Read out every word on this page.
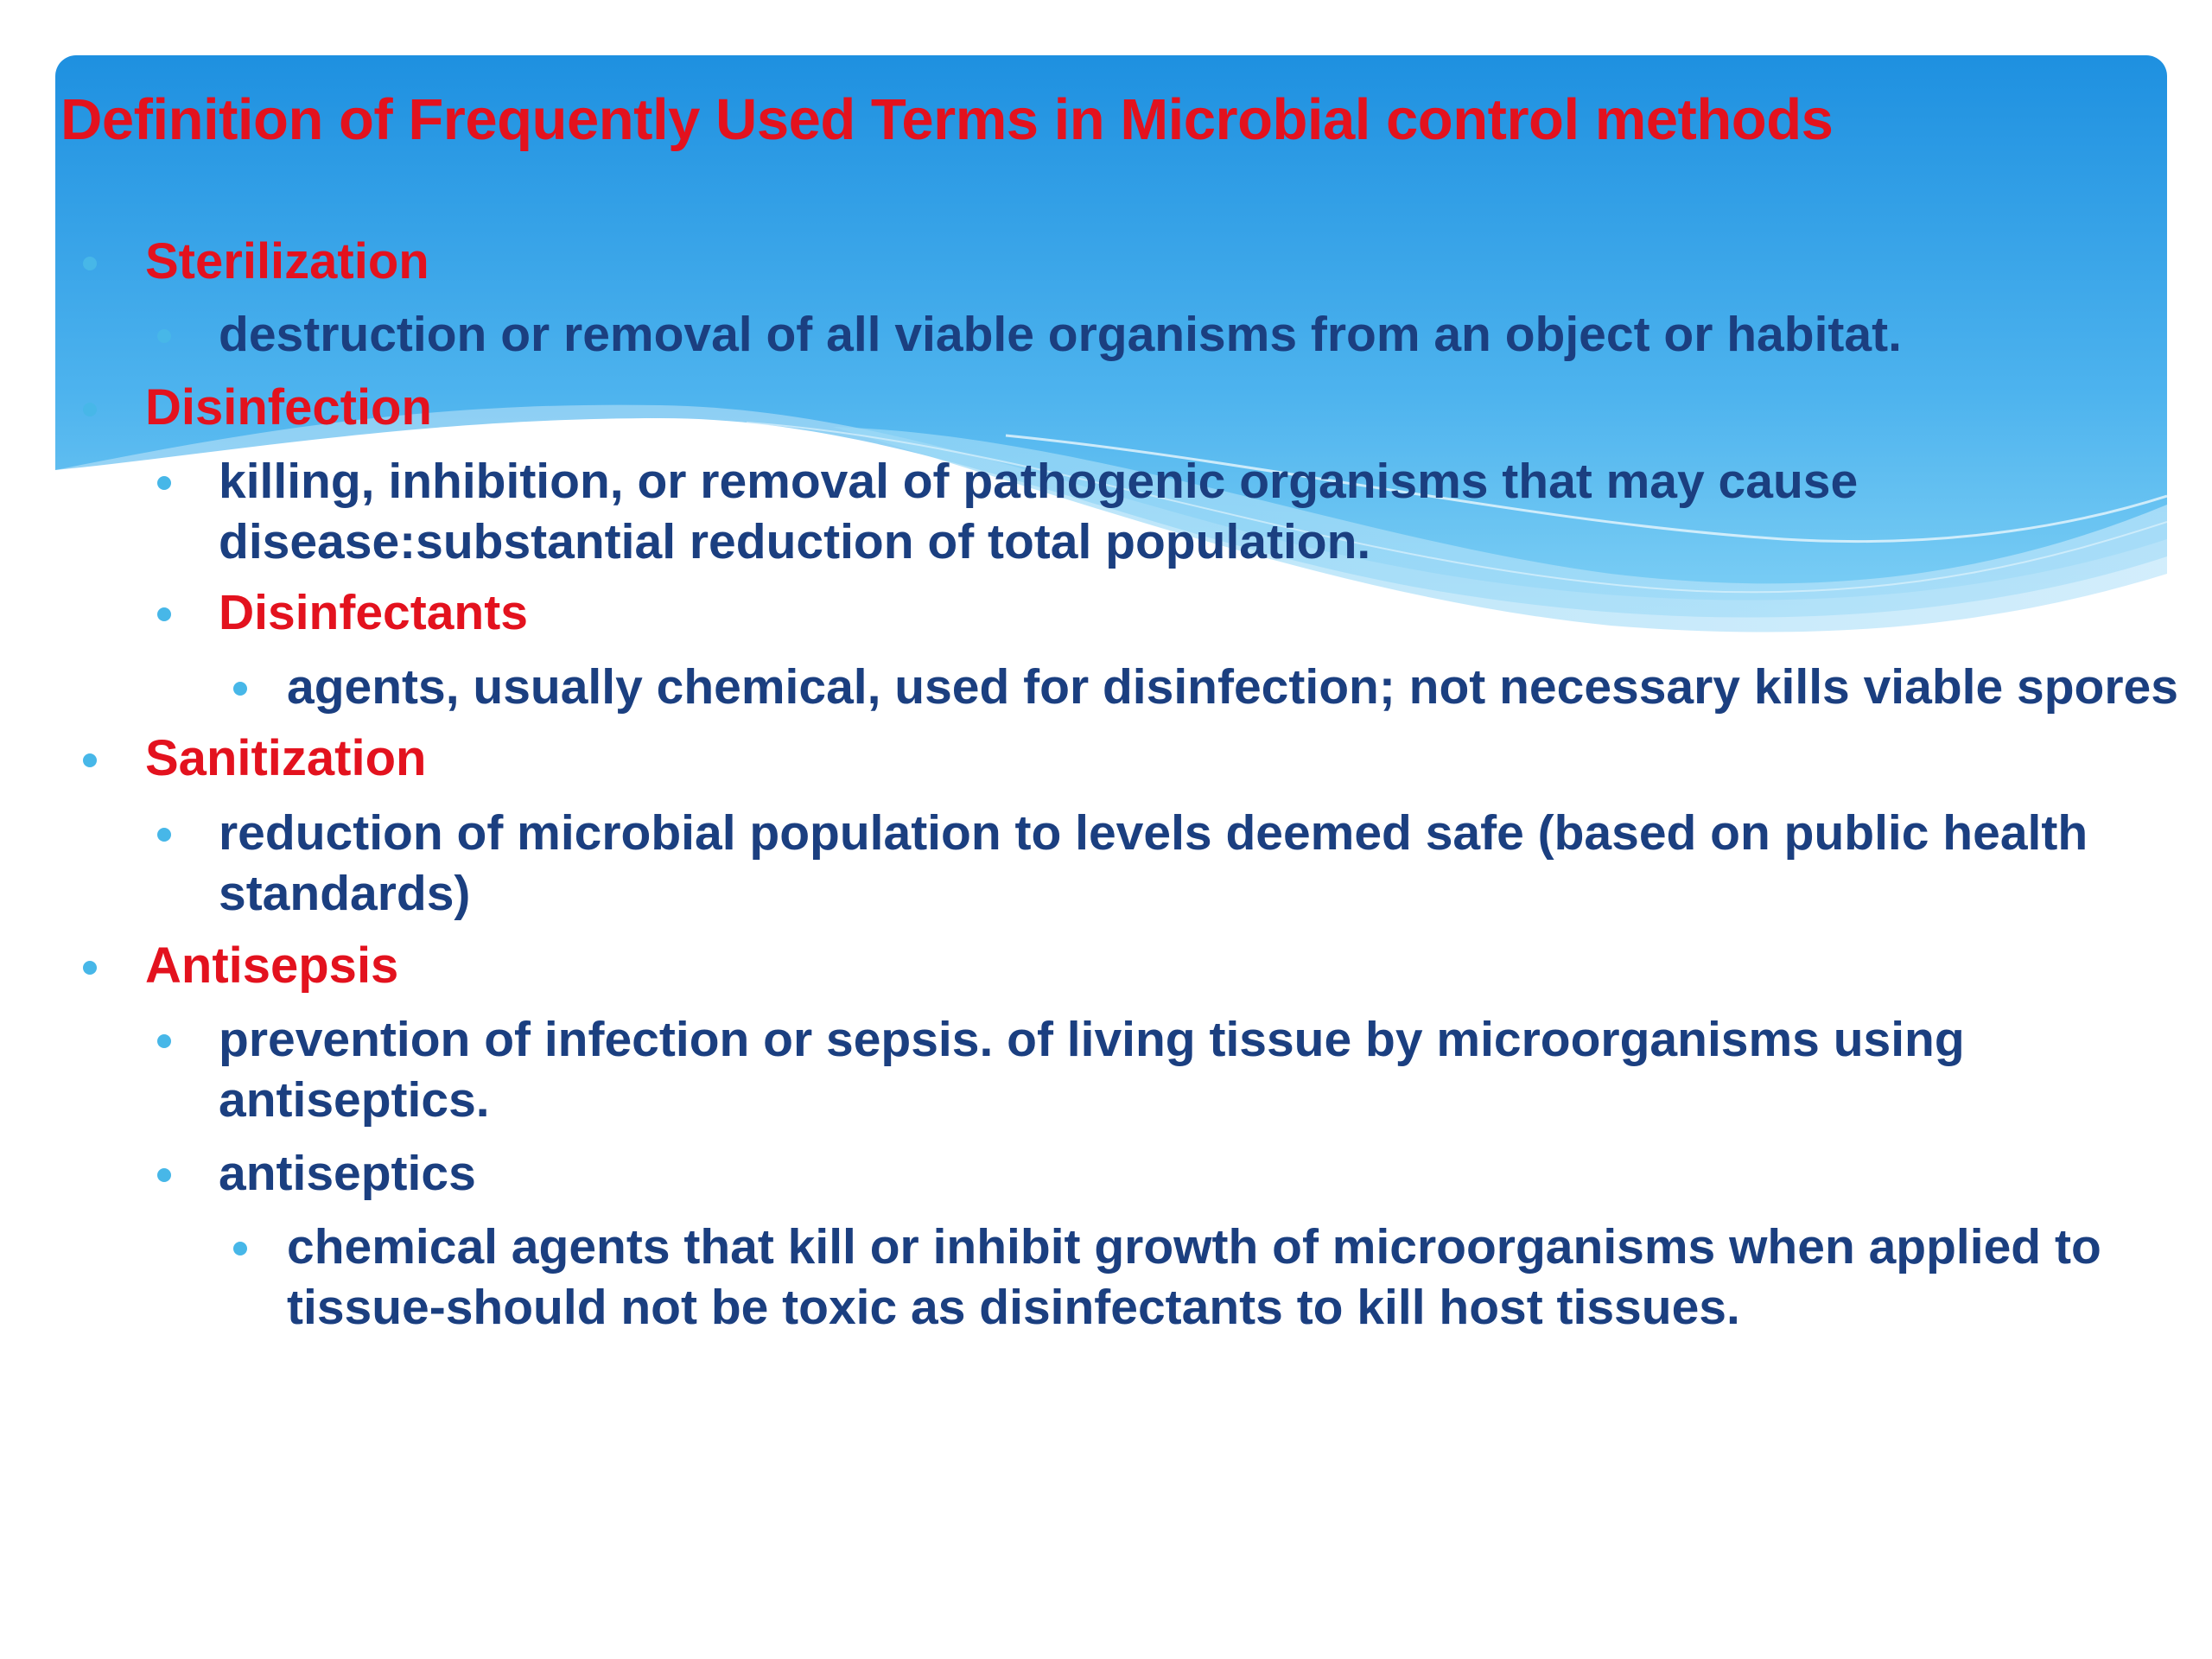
Definition of Frequently Used Terms in Microbial control methods
Sterilization
destruction or removal of all viable organisms from an object or habitat.
Disinfection
killing, inhibition, or removal of pathogenic organisms that may cause
disease:substantial reduction of total population.
Disinfectants
agents, usually chemical, used for disinfection; not necessary kills viable spores
Sanitization
reduction of microbial population to levels deemed safe (based on public health
standards)
Antisepsis
prevention of infection or sepsis. of living tissue by microorganisms using
antiseptics.
antiseptics
chemical agents that kill or inhibit growth of microorganisms when applied to
tissue-should not be toxic as disinfectants to kill host tissues.
